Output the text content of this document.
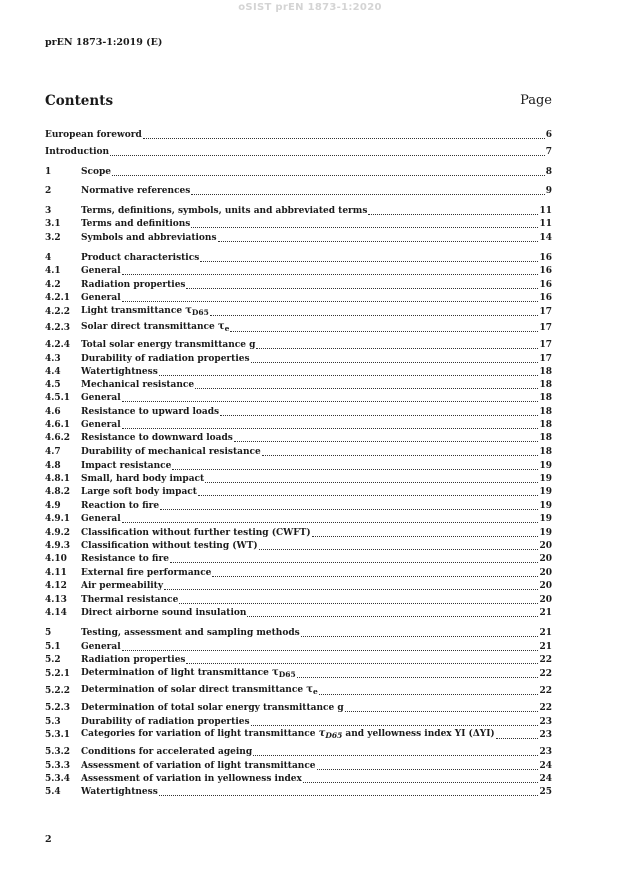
oSIST prEN 1873-1:2020
prEN 1873-1:2019 (E)
Contents	Page
European foreword	6
Introduction	7
1	Scope	8
2	Normative references	9
3	Terms, definitions, symbols, units and abbreviated terms	11
3.1	Terms and definitions	11
3.2	Symbols and abbreviations	14
4	Product characteristics	16
4.1	General	16
4.2	Radiation properties	16
4.2.1	General	16
4.2.2	Light transmittance $\tau_{D65}$	17
4.2.3	Solar direct transmittance $\tau_e$	17
4.2.4	Total solar energy transmittance g	17
4.3	Durability of radiation properties	17
4.4	Watertightness	18
4.5	Mechanical resistance	18
4.5.1	General	18
4.6	Resistance to upward loads	18
4.6.1	General	18
4.6.2	Resistance to downward loads	18
4.7	Durability of mechanical resistance	18
4.8	Impact resistance	19
4.8.1	Small, hard body impact	19
4.8.2	Large soft body impact	19
4.9	Reaction to fire	19
4.9.1	General	19
4.9.2	Classification without further testing (CWFT)	19
4.9.3	Classification without testing (WT)	20
4.10	Resistance to fire	20
4.11	External fire performance	20
4.12	Air permeability	20
4.13	Thermal resistance	20
4.14	Direct airborne sound insulation	21
5	Testing, assessment and sampling methods	21
5.1	General	21
5.2	Radiation properties	22
5.2.1	Determination of light transmittance $\tau_{D65}$	22
5.2.2	Determination of solar direct transmittance $\tau_e$	22
5.2.3	Determination of total solar energy transmittance g	22
5.3	Durability of radiation properties	23
5.3.1	Categories for variation of light transmittance $\tau_{D65}$ and yellowness index YI (ΔYI)	23
5.3.2	Conditions for accelerated ageing	23
5.3.3	Assessment of variation of light transmittance	24
5.3.4	Assessment of variation in yellowness index	24
5.4	Watertightness	25
2
